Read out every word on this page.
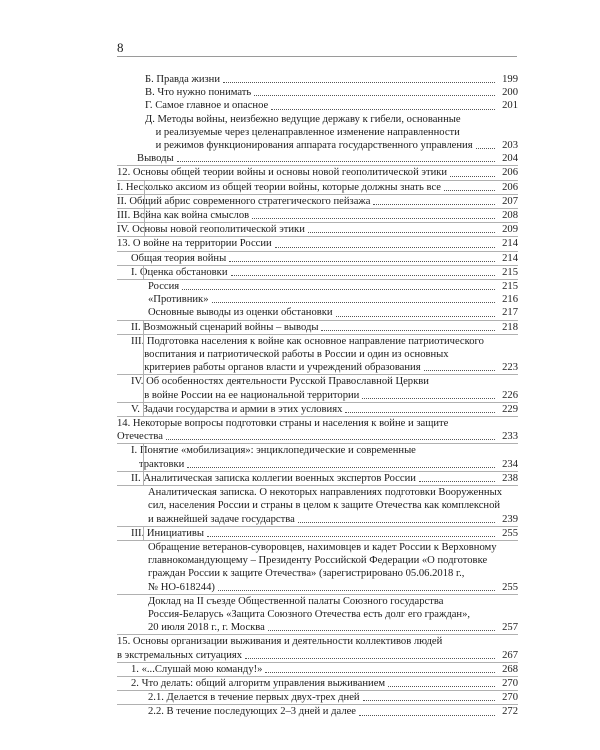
8
Б. Правда жизни	199
В. Что нужно понимать	200
Г. Самое главное и опасное	201
Д. Методы войны, неизбежно ведущие державу к гибели, основанные
и реализуемые через целенаправленное изменение направленности
и режимов функционирования аппарата государственного управления	203
Выводы	204
12. Основы общей теории войны и основы новой геополитической этики	206
I. Несколько аксиом из общей теории войны, которые должны знать все	206
II. Общий абрис современного стратегического пейзажа	207
III. Война как война смыслов	208
IV. Основы новой геополитической этики	209
13. О войне на территории России	214
Общая теория войны	214
I. Оценка обстановки	215
Россия	215
«Противник»	216
Основные выводы из оценки обстановки	217
II. Возможный сценарий войны – выводы	218
III. Подготовка населения к войне как основное направление патриотического
воспитания и патриотической работы в России и один из основных
критериев работы органов власти и учреждений образования	223
IV. Об особенностях деятельности Русской Православной Церкви
в войне России на ее национальной территории	226
V. Задачи государства и армии в этих условиях	229
14. Некоторые вопросы подготовки страны и населения к войне и защите
Отечества	233
I. Понятие «мобилизация»: энциклопедические и современные
трактовки	234
II. Аналитическая записка коллегии военных экспертов России	238
Аналитическая записка. О некоторых направлениях подготовки Вооруженных
сил, населения России и страны в целом к защите Отечества как комплексной
и важнейшей задаче государства	239
III. Инициативы	255
Обращение ветеранов-суворовцев, нахимовцев и кадет России к Верховному
главнокомандующему – Президенту Российской Федерации «О подготовке
граждан России к защите Отечества» (зарегистрировано 05.06.2018 г.,
№ НО-618244)	255
Доклад на II съезде Общественной палаты Союзного государства
Россия-Беларусь «Защита Союзного Отечества есть долг его граждан»,
20 июля 2018 г., г. Москва	257
15. Основы организации выживания и деятельности коллективов людей
в экстремальных ситуациях	267
1. «...Слушай мою команду!»	268
2. Что делать: общий алгоритм управления выживанием	270
2.1. Делается в течение первых двух-трех дней	270
2.2. В течение последующих 2–3 дней и далее	272
